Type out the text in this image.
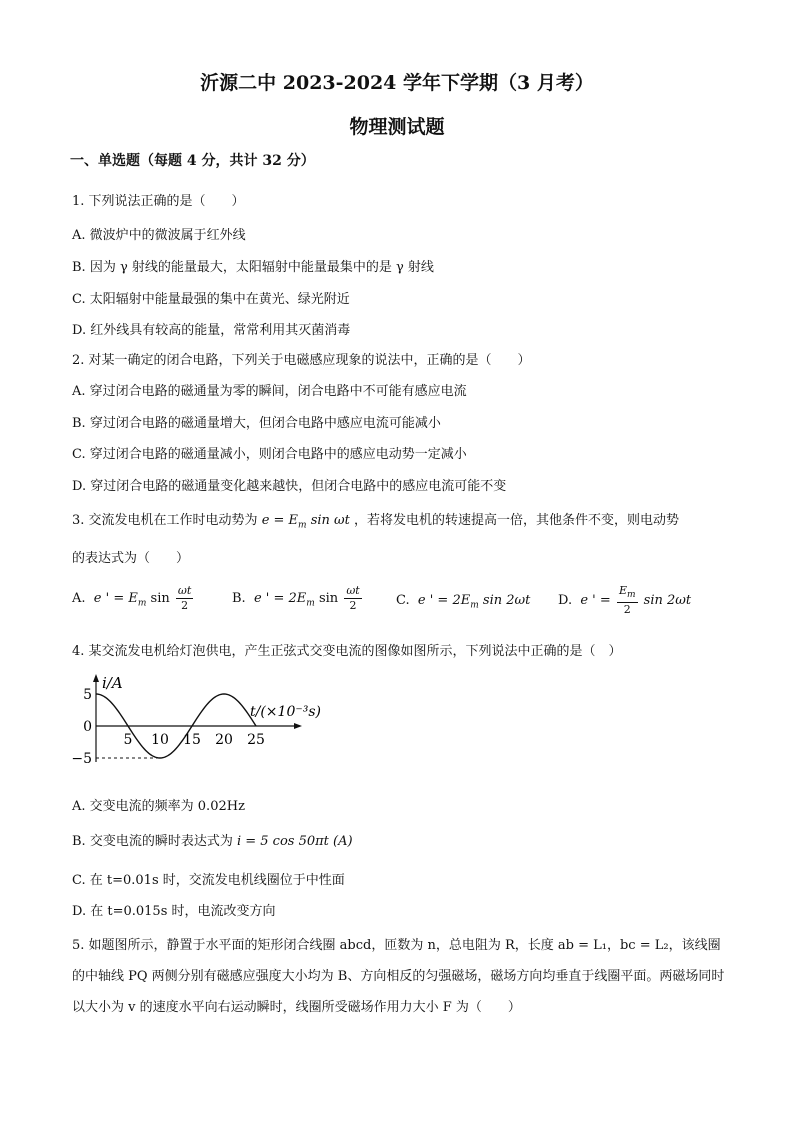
沂源二中 2023-2024 学年下学期（3 月考）
物理测试题
一、单选题（每题 4 分，共计 32 分）
1. 下列说法正确的是（　　）
A. 微波炉中的微波属于红外线
B. 因为 γ 射线的能量最大，太阳辐射中能量最集中的是 γ 射线
C. 太阳辐射中能量最强的集中在黄光、绿光附近
D. 红外线具有较高的能量，常常利用其灭菌消毒
2. 对某一确定的闭合电路，下列关于电磁感应现象的说法中，正确的是（　　）
A. 穿过闭合电路的磁通量为零的瞬间，闭合电路中不可能有感应电流
B. 穿过闭合电路的磁通量增大，但闭合电路中感应电流可能减小
C. 穿过闭合电路的磁通量减小，则闭合电路中的感应电动势一定减小
D. 穿过闭合电路的磁通量变化越来越快，但闭合电路中的感应电流可能不变
3. 交流发电机在工作时电动势为 $e = E_m$ sin ωt ，若将发电机的转速提高一倍，其他条件不变，则电动势
的表达式为（　　）
A. e ' = $E_m$ $\sin \frac{\omega t}{2}$	B. e ' = $2E_m$ $\sin \frac{\omega t}{2}$	C. e ' = $2E_m$ sin 2ωt D. e ' = $\frac{E_m}{2}$ sin 2ωt
4. 某交流发电机给灯泡供电，产生正弦式交变电流的图像如图所示，下列说法中正确的是（　）
i/A
t/(×10⁻³s)
5 10 15 20 25
5
0
−5
A. 交变电流的频率为 0.02Hz
B. 交变电流的瞬时表达式为 i = 5 cos 50πt (A)
C. 在 t=0.01s 时，交流发电机线圈位于中性面
D. 在 t=0.015s 时，电流改变方向
5. 如题图所示，静置于水平面的矩形闭合线圈 abcd，匝数为 n，总电阻为 R，长度 ab = L₁，bc = L₂，该线圈的中轴线 PQ 两侧分别有磁感应强度大小均为 B、方向相反的匀强磁场，磁场方向均垂直于线圈平面。两磁场同时以大小为 v 的速度水平向右运动瞬时，线圈所受磁场作用力大小 F 为（　　）
